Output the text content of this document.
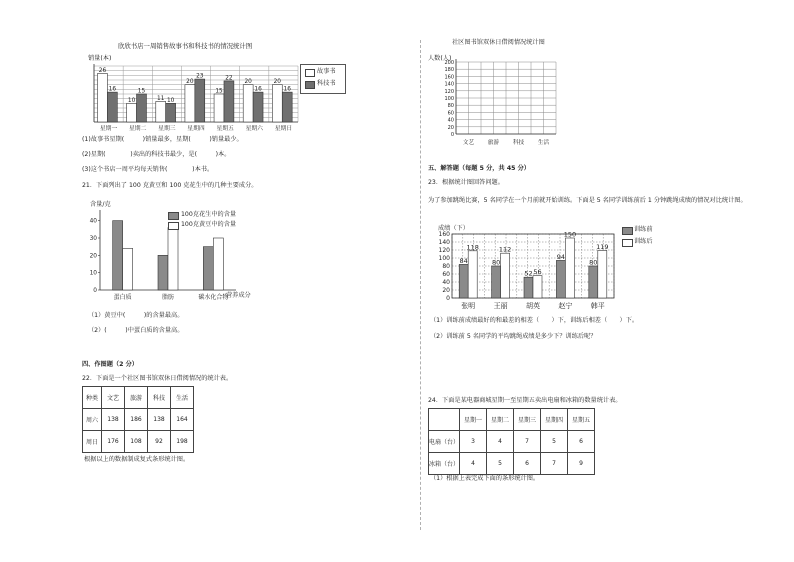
欣欣书店一周销售故事书和科技书的情况统计图
销量(本)
26
16
星期一
10
15
星期二
11 10
星期三
20
23
星期四
15
22
星期五
20
16
星期六
20
16
星期日
故事书
科技书
(1)故事书星期(　　　)销量最多，星期(　　　)销量最少。
(2)星期(　　　　)卖出的科技书最少，是(　　　)本。
(3)这个书店一周平均每天销售(　　　　)本书。
21．下面列出了 100 克黄豆和 100 克花生中的几种主要成分。
含量/克
0
10
20
30
40
蛋白质	脂肪	碳水化合物
营养成分
100克花生中的含量
100克黄豆中的含量
（1）黄豆中(　　　)的含量最高。
（2）(　　　)中蛋白质的含量高。
四、作图题（2 分）
22．下面是一个社区图书馆双休日借阅情况的统计表。
种类	文艺	旅游	科技	生活
周六	138	186	138	164
周日	176	108	92	198
根据以上的数据制成复式条形统计图。
社区图书馆双休日借阅情况统计图
人数(人)
200
180
160
140
120
100
80
60
40
20
0
文艺 旅游 科技 生活
五、解答题（每题 5 分，共 45 分）
23．根据统计图回答问题。
为了参加跳绳比赛，5 名同学在一个月前就开始训练。下面是 5 名同学训练前后 1 分钟跳绳成绩的情况对比统计图。
成绩（下）
0
20
40
60
80
100
120
140
160
84
118
张明
80
112
王丽
52 56
胡英
94
150
赵宁
80
119
韩平
训练前
训练后
（1）训练前成绩最好的和最差的相差（　　）下，训练后相差（　　）下。
（2）训练前 5 名同学的平均跳绳成绩是多少下？训练后呢？
24．下面是某电器商城星期一至星期五卖出电扇和冰箱的数量统计表。
	星期一	星期二	星期三	星期四	星期五
电扇（台）	3	4	7	5	6
冰箱（台）	4	5	6	7	9
（1）根据上表完成下面的条形统计图。
